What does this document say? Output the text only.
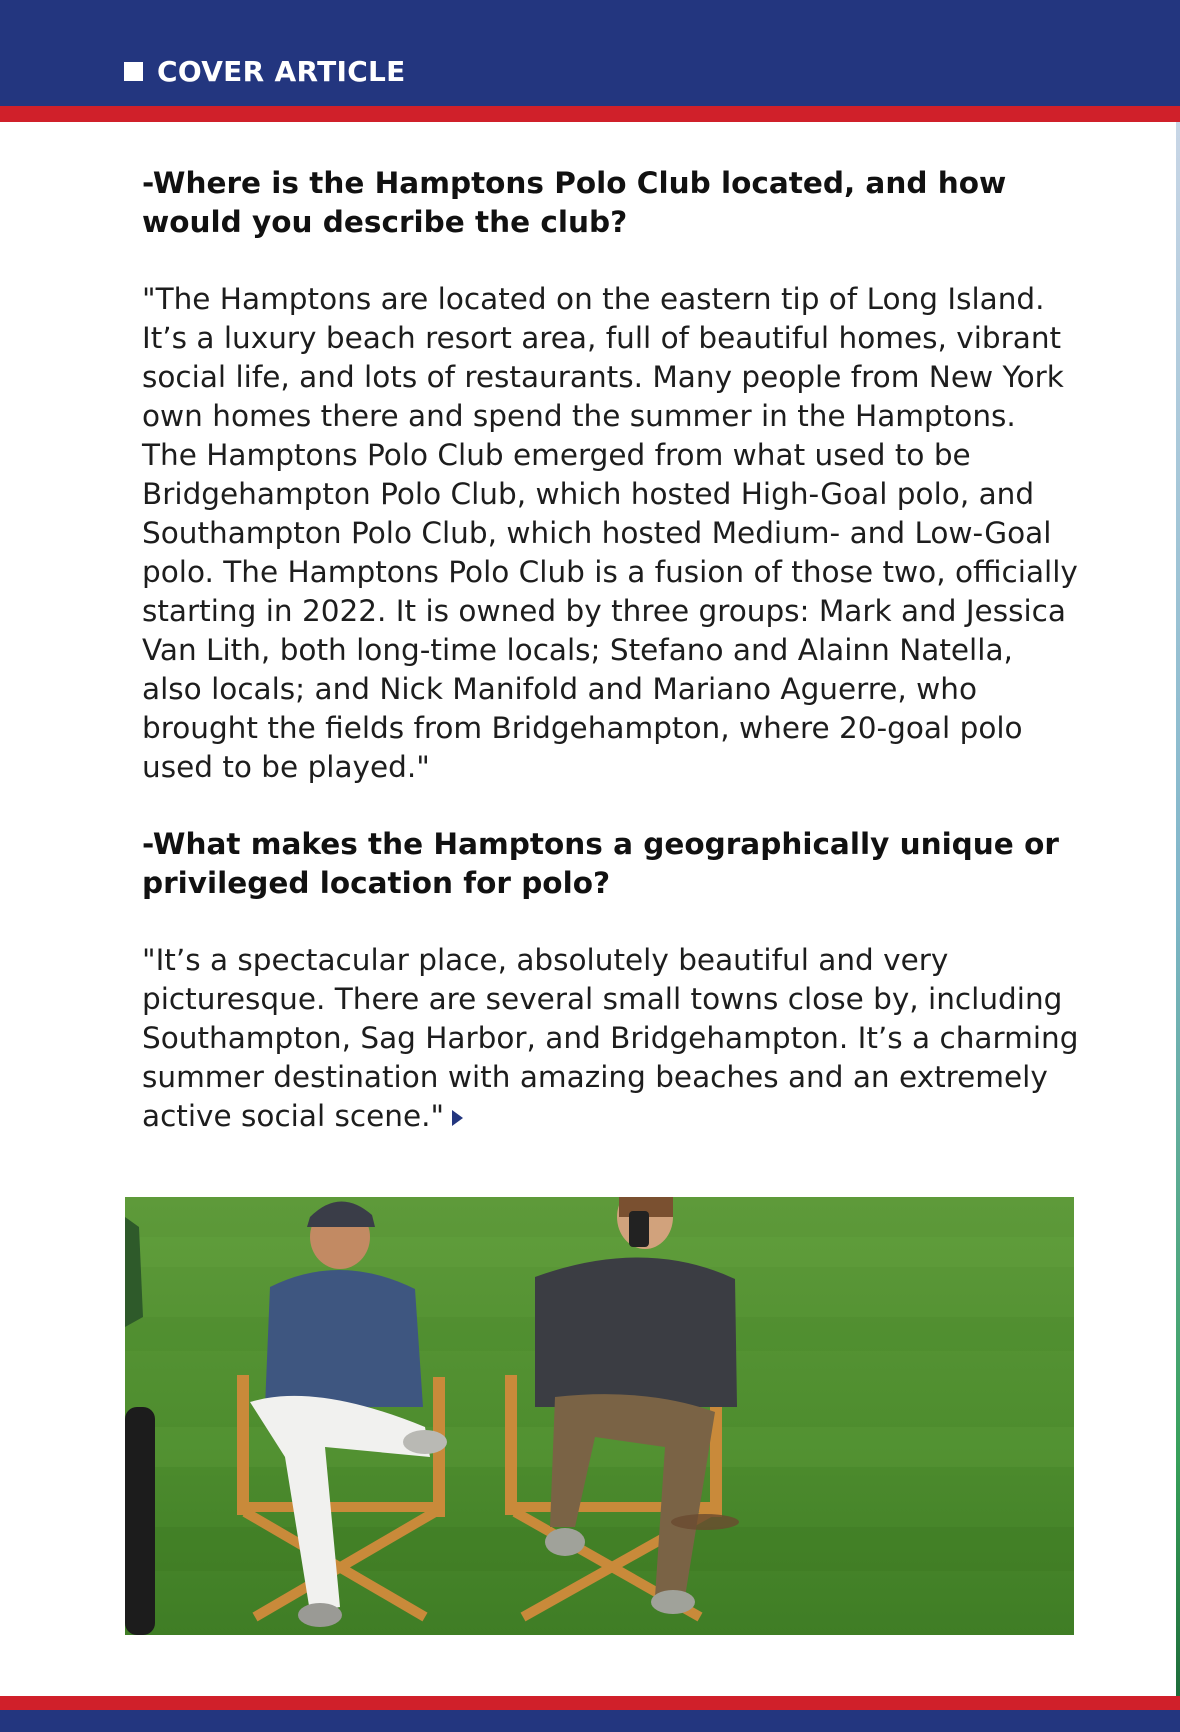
COVER ARTICLE

-Where is the Hamptons Polo Club located, and how would you describe the club?

"The Hamptons are located on the eastern tip of Long Island. It’s a luxury beach resort area, full of beautiful homes, vibrant social life, and lots of restaurants. Many people from New York own homes there and spend the summer in the Hamptons. The Hamptons Polo Club emerged from what used to be Bridgehampton Polo Club, which hosted High-Goal polo, and Southampton Polo Club, which hosted Medium- and Low-Goal polo. The Hamptons Polo Club is a fusion of those two, officially starting in 2022. It is owned by three groups: Mark and Jessica Van Lith, both long-time locals; Stefano and Alainn Natella, also locals; and Nick Manifold and Mariano Aguerre, who brought the fields from Bridgehampton, where 20-goal polo used to be played."

-What makes the Hamptons a geographically unique or privileged location for polo?

"It’s a spectacular place, absolutely beautiful and very picturesque. There are several small towns close by, including Southampton, Sag Harbor, and Bridgehampton. It’s a charming summer destination with amazing beaches and an extremely active social scene."
